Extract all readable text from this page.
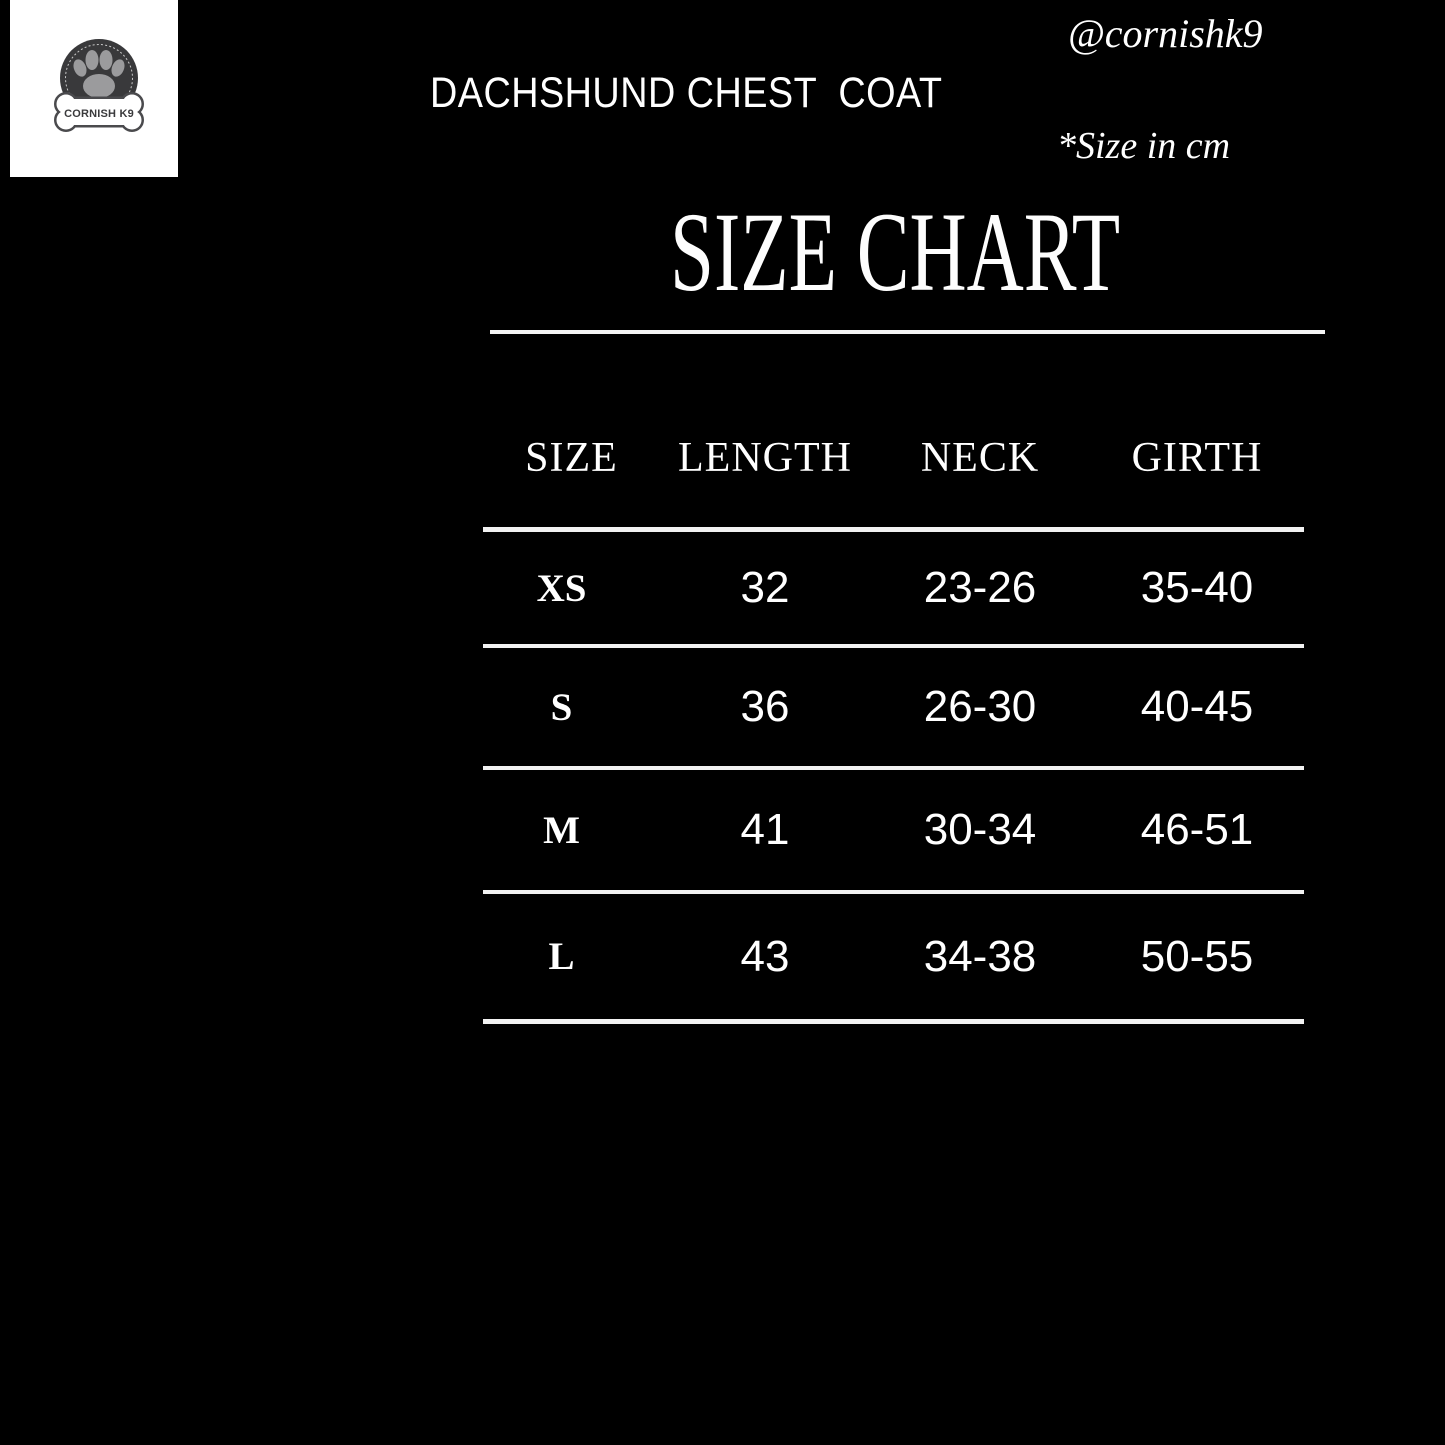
CORNISH K9	DACHSHUND CHEST  COAT
@cornishk9
*Size in cm
SIZE CHART
SIZE	LENGTH	NECK	GIRTH
XS	32	23-26	35-40
S	36	26-30	40-45
M	41	30-34	46-51
L	43	34-38	50-55
